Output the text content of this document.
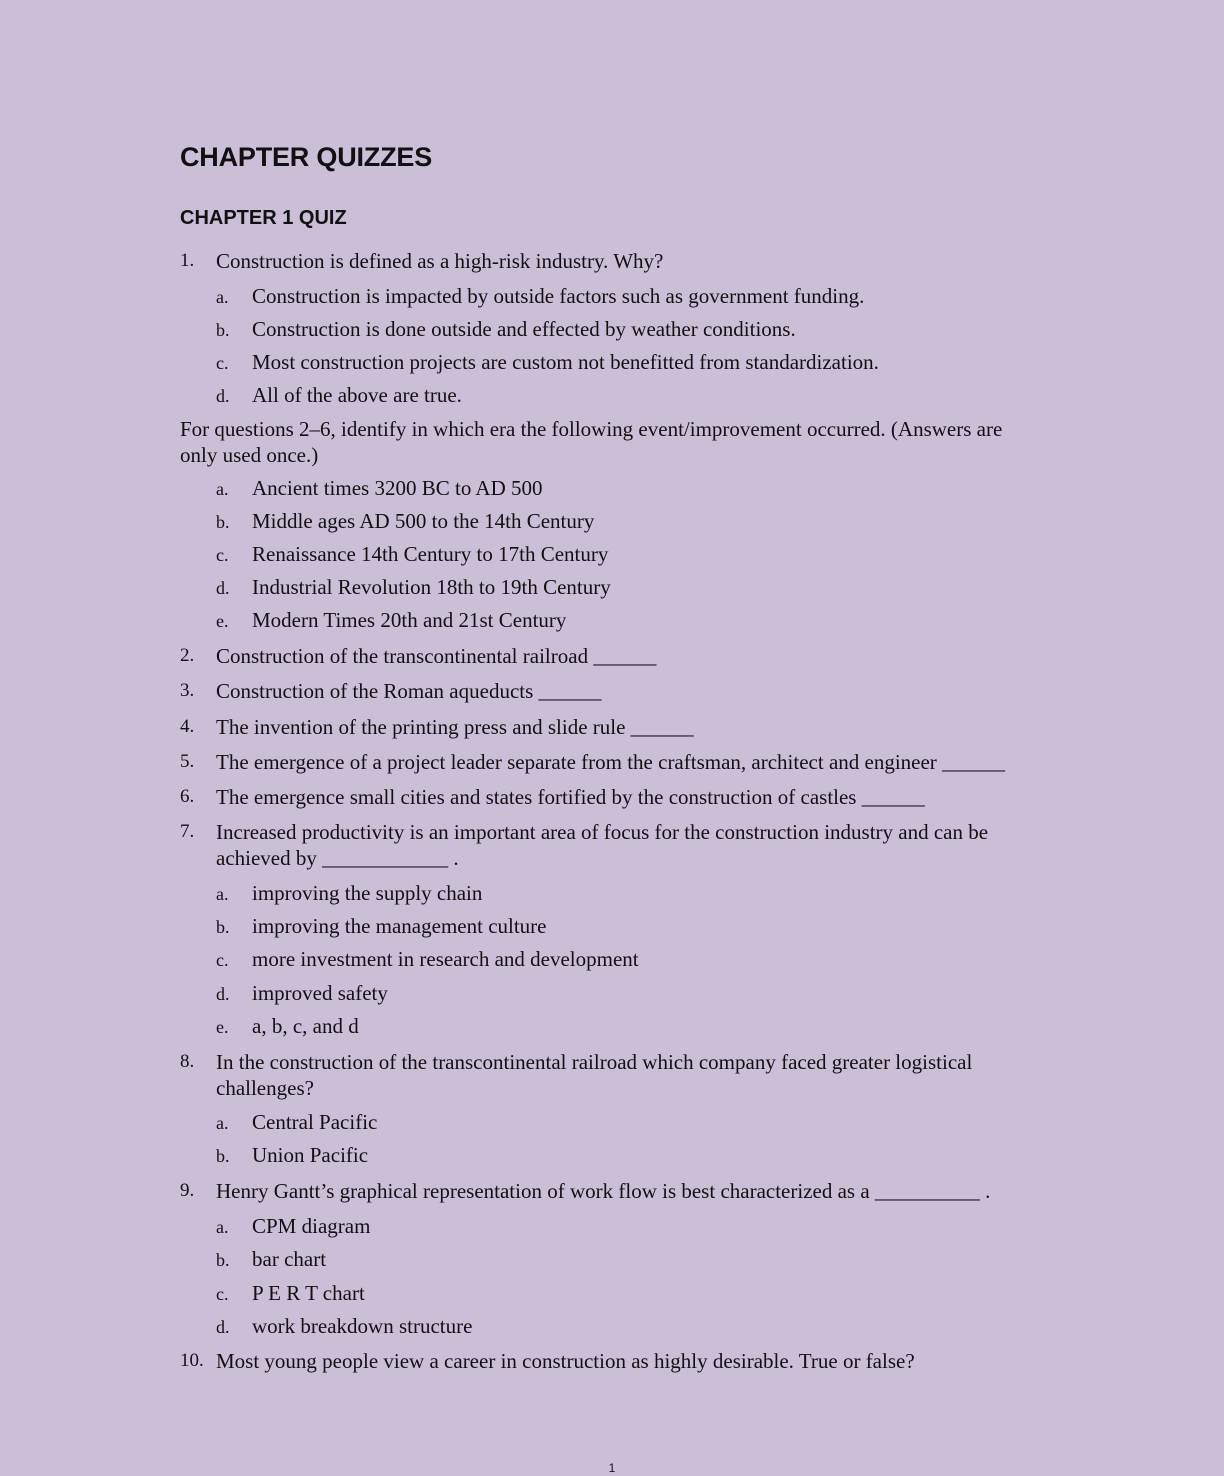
CHAPTER QUIZZES
CHAPTER 1 QUIZ
1. Construction is defined as a high-risk industry. Why?
a. Construction is impacted by outside factors such as government funding.
b. Construction is done outside and effected by weather conditions.
c. Most construction projects are custom not benefitted from standardization.
d. All of the above are true.
For questions 2–6, identify in which era the following event/improvement occurred. (Answers are only used once.)
a. Ancient times 3200 BC to AD 500
b. Middle ages AD 500 to the 14th Century
c. Renaissance 14th Century to 17th Century
d. Industrial Revolution 18th to 19th Century
e. Modern Times 20th and 21st Century
2. Construction of the transcontinental railroad ______
3. Construction of the Roman aqueducts ______
4. The invention of the printing press and slide rule ______
5. The emergence of a project leader separate from the craftsman, architect and engineer ______
6. The emergence small cities and states fortified by the construction of castles ______
7. Increased productivity is an important area of focus for the construction industry and can be achieved by ____________ .
a. improving the supply chain
b. improving the management culture
c. more investment in research and development
d. improved safety
e. a, b, c, and d
8. In the construction of the transcontinental railroad which company faced greater logistical challenges?
a. Central Pacific
b. Union Pacific
9. Henry Gantt’s graphical representation of work flow is best characterized as a __________ .
a. CPM diagram
b. bar chart
c. P E R T chart
d. work breakdown structure
10. Most young people view a career in construction as highly desirable. True or false?
1
